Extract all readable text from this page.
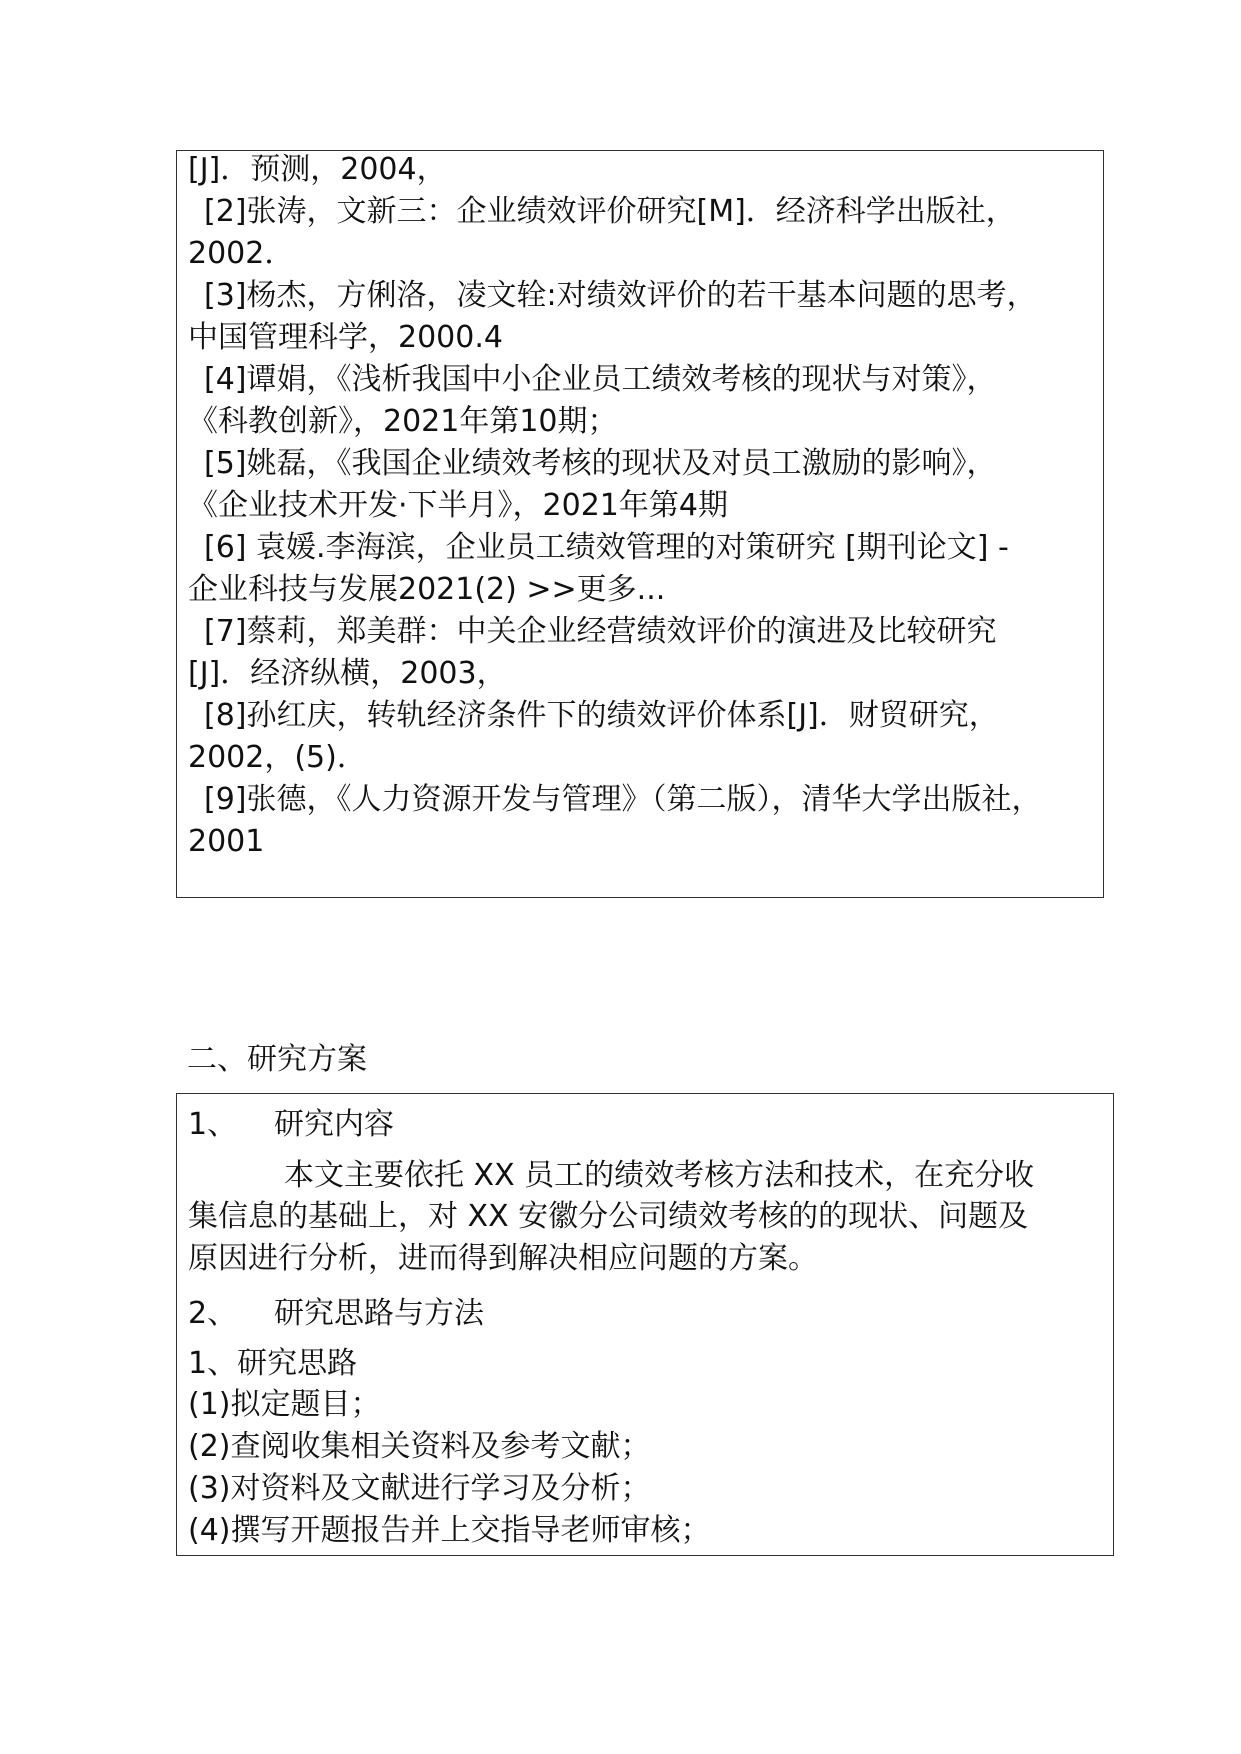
[J]．预测，2004，
[2]张涛，文新三：企业绩效评价研究[M]．经济科学出版社，
2002．
[3]杨杰，方俐洛，凌文辁:对绩效评价的若干基本问题的思考，
中国管理科学，2000.4
[4]谭娟，《浅析我国中小企业员工绩效考核的现状与对策》，
《科教创新》，2021年第10期；
[5]姚磊，《我国企业绩效考核的现状及对员工激励的影响》，
《企业技术开发·下半月》，2021年第4期
[6] 袁媛.李海滨，企业员工绩效管理的对策研究 [期刊论文] -
企业科技与发展2021(2) >>更多...
[7]蔡莉，郑美群：中关企业经营绩效评价的演进及比较研究
[J]．经济纵横，2003，
[8]孙红庆，转轨经济条件下的绩效评价体系[J]．财贸研究，
2002，(5)．
[9]张德，《人力资源开发与管理》（第二版），清华大学出版社，
2001
二、研究方案
1、 研究内容
本文主要依托 XX 员工的绩效考核方法和技术，在充分收
集信息的基础上，对 XX 安徽分公司绩效考核的的现状、问题及
原因进行分析，进而得到解决相应问题的方案。
2、 研究思路与方法
1、研究思路
(1)拟定题目；
(2)查阅收集相关资料及参考文献；
(3)对资料及文献进行学习及分析；
(4)撰写开题报告并上交指导老师审核；
